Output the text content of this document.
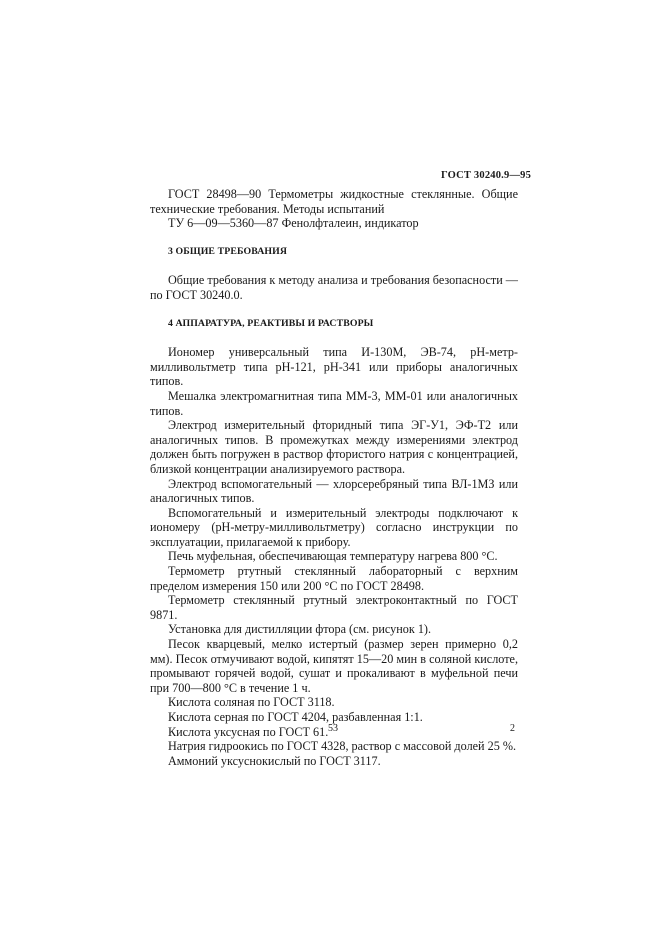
ГОСТ 30240.9—95

ГОСТ 28498—90 Термометры жидкостные стеклянные. Общие технические требования. Методы испытаний

ТУ 6—09—5360—87 Фенолфталеин, индикатор

3 ОБЩИЕ ТРЕБОВАНИЯ

Общие требования к методу анализа и требования безопасности — по ГОСТ 30240.0.

4 АППАРАТУРА, РЕАКТИВЫ И РАСТВОРЫ

Иономер универсальный типа И-130М, ЭВ-74, рН-метр-милливольтметр типа рН-121, рН-341 или приборы аналогичных типов.

Мешалка электромагнитная типа ММ-3, ММ-01 или аналогичных типов.

Электрод измерительный фторидный типа ЭГ-У1, ЭФ-Т2 или аналогичных типов. В промежутках между измерениями электрод должен быть погружен в раствор фтористого натрия с концентрацией, близкой концентрации анализируемого раствора.

Электрод вспомогательный — хлорсеребряный типа ВЛ-1МЗ или аналогичных типов.

Вспомогательный и измерительный электроды подключают к иономеру (рН-метру-милливольтметру) согласно инструкции по эксплуатации, прилагаемой к прибору.

Печь муфельная, обеспечивающая температуру нагрева 800 °С.

Термометр ртутный стеклянный лабораторный с верхним пределом измерения 150 или 200 °С по ГОСТ 28498.

Термометр стеклянный ртутный электроконтактный по ГОСТ 9871.

Установка для дистилляции фтора (см. рисунок 1).

Песок кварцевый, мелко истертый (размер зерен примерно 0,2 мм). Песок отмучивают водой, кипятят 15—20 мин в соляной кислоте, промывают горячей водой, сушат и прокаливают в муфельной печи при 700—800 °С в течение 1 ч.

Кислота соляная по ГОСТ 3118.

Кислота серная по ГОСТ 4204, разбавленная 1:1.

Кислота уксусная по ГОСТ 61.

Натрия гидроокись по ГОСТ 4328, раствор с массовой долей 25 %.

Аммоний уксуснокислый по ГОСТ 3117.

53	2
